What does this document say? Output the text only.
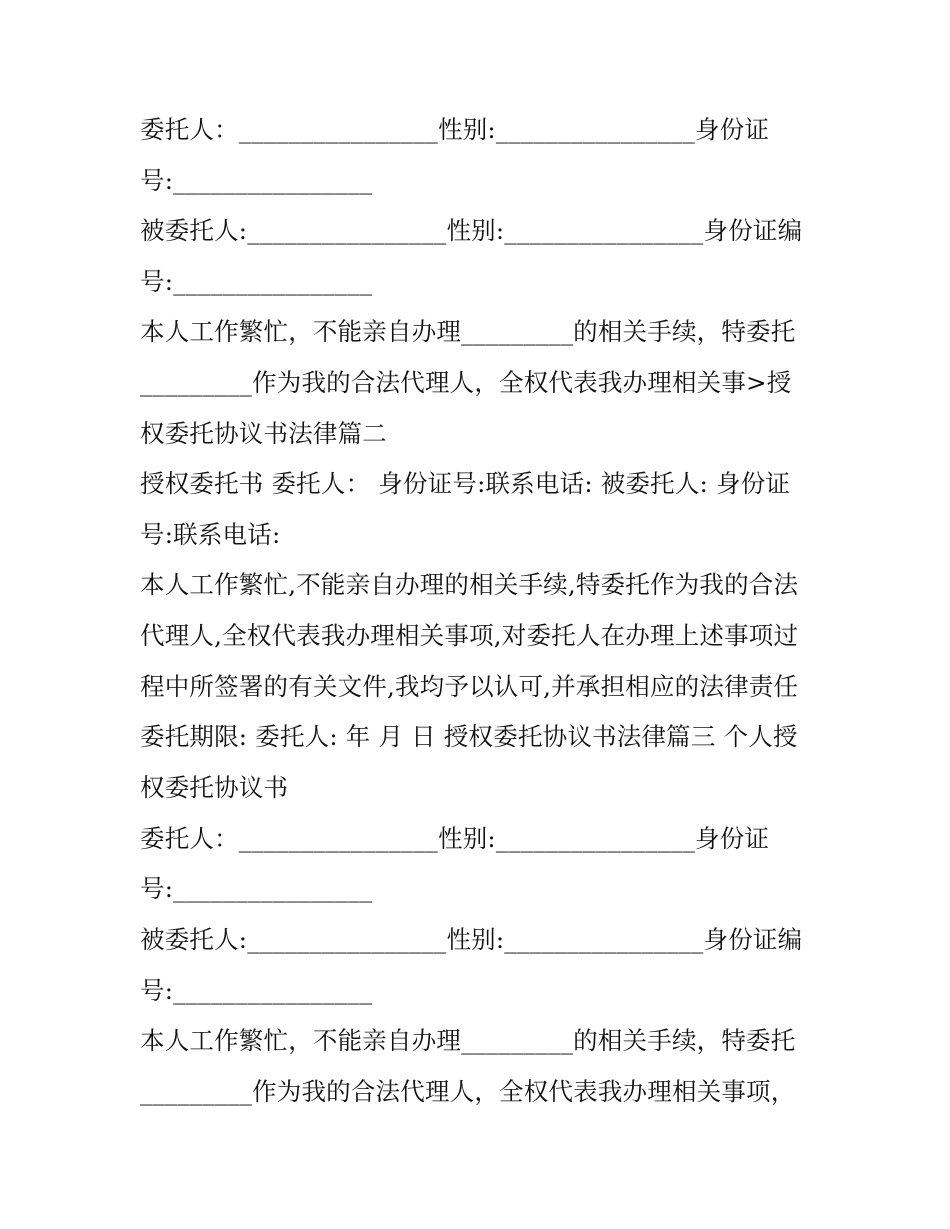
委托人：________________性别:________________身份证

号:________________

被委托人:________________性别:________________身份证编

号:________________

本人工作繁忙，不能亲自办理_________的相关手续，特委托

_________作为我的合法代理人，全权代表我办理相关事>授

权委托协议书法律篇二

授权委托书 委托人： 身份证号:联系电话: 被委托人: 身份证

号:联系电话:

本人工作繁忙,不能亲自办理的相关手续,特委托作为我的合法

代理人,全权代表我办理相关事项,对委托人在办理上述事项过

程中所签署的有关文件,我均予以认可,并承担相应的法律责任

委托期限: 委托人: 年 月 日 授权委托协议书法律篇三 个人授

权委托协议书

委托人：________________性别:________________身份证

号:________________

被委托人:________________性别:________________身份证编

号:________________

本人工作繁忙，不能亲自办理_________的相关手续，特委托

_________作为我的合法代理人，全权代表我办理相关事项，
